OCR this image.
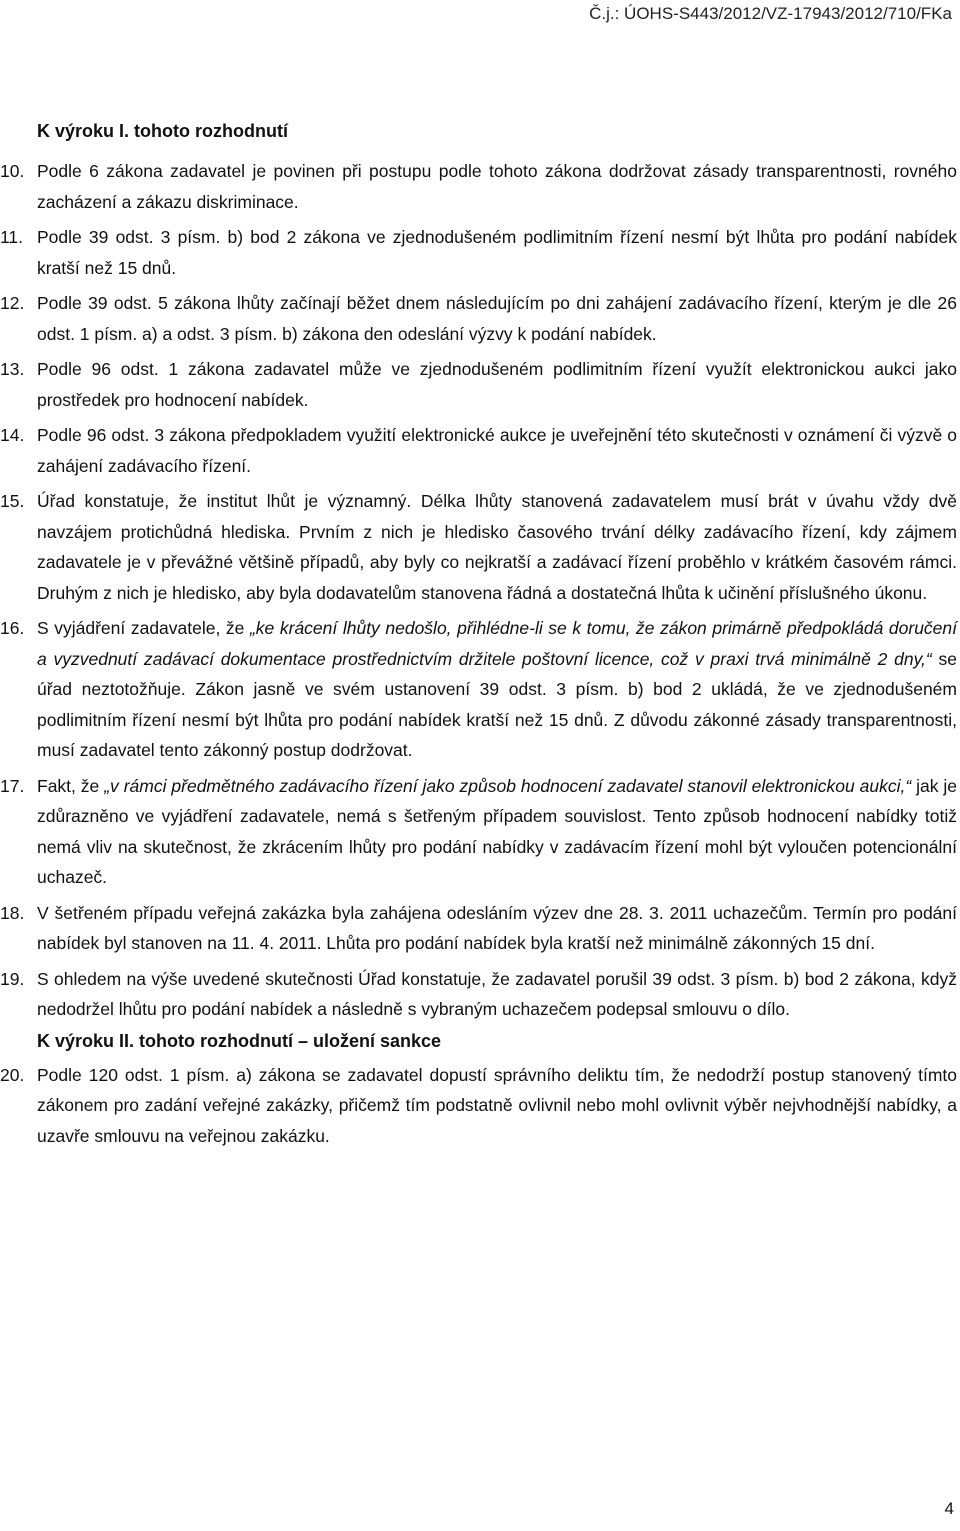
Č.j.: ÚOHS-S443/2012/VZ-17943/2012/710/FKa
K výroku I. tohoto rozhodnutí
10. Podle 6 zákona zadavatel je povinen při postupu podle tohoto zákona dodržovat zásady transparentnosti, rovného zacházení a zákazu diskriminace.
11. Podle 39 odst. 3 písm. b) bod 2 zákona ve zjednodušeném podlimitním řízení nesmí být lhůta pro podání nabídek kratší než 15 dnů.
12. Podle 39 odst. 5 zákona lhůty začínají běžet dnem následujícím po dni zahájení zadávacího řízení, kterým je dle 26 odst. 1 písm. a) a odst. 3 písm. b) zákona den odeslání výzvy k podání nabídek.
13. Podle 96 odst. 1 zákona zadavatel může ve zjednodušeném podlimitním řízení využít elektronickou aukci jako prostředek pro hodnocení nabídek.
14. Podle 96 odst. 3 zákona předpokladem využití elektronické aukce je uveřejnění této skutečnosti v oznámení či výzvě o zahájení zadávacího řízení.
15. Úřad konstatuje, že institut lhůt je významný. Délka lhůty stanovená zadavatelem musí brát v úvahu vždy dvě navzájem protichůdná hlediska. Prvním z nich je hledisko časového trvání délky zadávacího řízení, kdy zájmem zadavatele je v převážné většině případů, aby byly co nejkratší a zadávací řízení proběhlo v krátkém časovém rámci. Druhým z nich je hledisko, aby byla dodavatelům stanovena řádná a dostatečná lhůta k učinění příslušného úkonu.
16. S vyjádření zadavatele, že „ke krácení lhůty nedošlo, přihlédne-li se k tomu, že zákon primárně předpokládá doručení a vyzvednutí zadávací dokumentace prostřednictvím držitele poštovní licence, což v praxi trvá minimálně 2 dny,“ se úřad neztotožňuje. Zákon jasně ve svém ustanovení 39 odst. 3 písm. b) bod 2 ukládá, že ve zjednodušeném podlimitním řízení nesmí být lhůta pro podání nabídek kratší než 15 dnů. Z důvodu zákonné zásady transparentnosti, musí zadavatel tento zákonný postup dodržovat.
17. Fakt, že „v rámci předmětného zadávacího řízení jako způsob hodnocení zadavatel stanovil elektronickou aukci,“ jak je zdůrazněno ve vyjádření zadavatele, nemá s šetřeným případem souvislost. Tento způsob hodnocení nabídky totiž nemá vliv na skutečnost, že zkrácením lhůty pro podání nabídky v zadávacím řízení mohl být vyloučen potencionální uchazeč.
18. V šetřeném případu veřejná zakázka byla zahájena odesláním výzev dne 28. 3. 2011 uchazečům. Termín pro podání nabídek byl stanoven na 11. 4. 2011. Lhůta pro podání nabídek byla kratší než minimálně zákonných 15 dní.
19. S ohledem na výše uvedené skutečnosti Úřad konstatuje, že zadavatel porušil 39 odst. 3 písm. b) bod 2 zákona, když nedodržel lhůtu pro podání nabídek a následně s vybraným uchazečem podepsal smlouvu o dílo.
K výroku II. tohoto rozhodnutí – uložení sankce
20. Podle 120 odst. 1 písm. a) zákona se zadavatel dopustí správního deliktu tím, že nedodrží postup stanovený tímto zákonem pro zadání veřejné zakázky, přičemž tím podstatně ovlivnil nebo mohl ovlivnit výběr nejvhodnější nabídky, a uzavře smlouvu na veřejnou zakázku.
4
